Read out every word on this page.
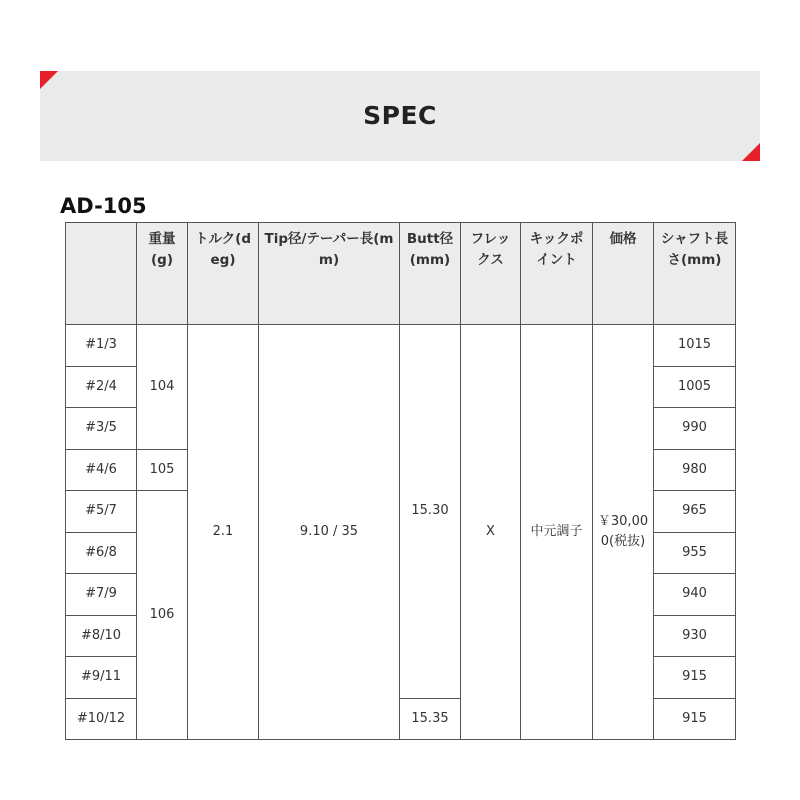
SPEC
AD-105
	重量(g)	トルク(deg)	Tip径/テーパー長(mm)	Butt径(mm)	フレックス	キックポイント	価格	シャフト長さ(mm)
#1/3	104	2.1	9.10 / 35	15.30	X	中元調子	￥30,000(税抜)	1015
#2/4								1005
#3/5								990
#4/6	105							980
#5/7	106							965
#6/8								955
#7/9								940
#8/10								930
#9/11								915
#10/12				15.35				915
